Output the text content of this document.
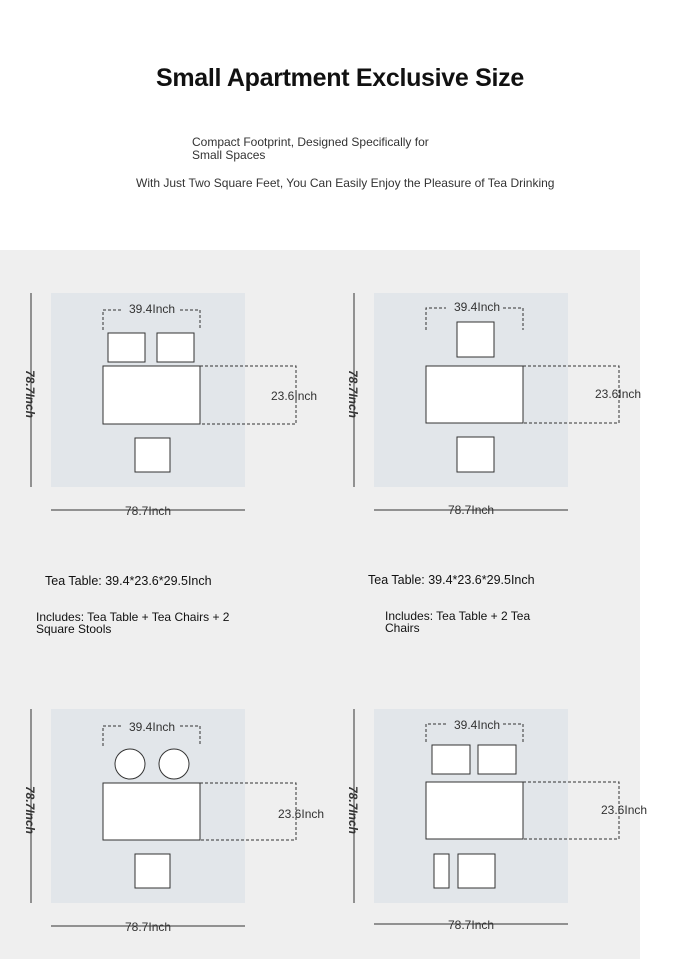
Small Apartment Exclusive Size
Compact Footprint, Designed Specifically for Small Spaces
With Just Two Square Feet, You Can Easily Enjoy the Pleasure of Tea Drinking
39.4Inch
23.6Inch
78.7Inch
78.7Inch
39.4Inch
23.6Inch
78.7Inch
78.7Inch
Tea Table: 39.4*23.6*29.5Inch
Includes: Tea Table + Tea Chairs + 2 Square Stools
Tea Table: 39.4*23.6*29.5Inch
Includes: Tea Table + 2 Tea Chairs
39.4Inch
23.6Inch
78.7Inch
78.7Inch
39.4Inch
23.6Inch
78.7Inch
78.7Inch
